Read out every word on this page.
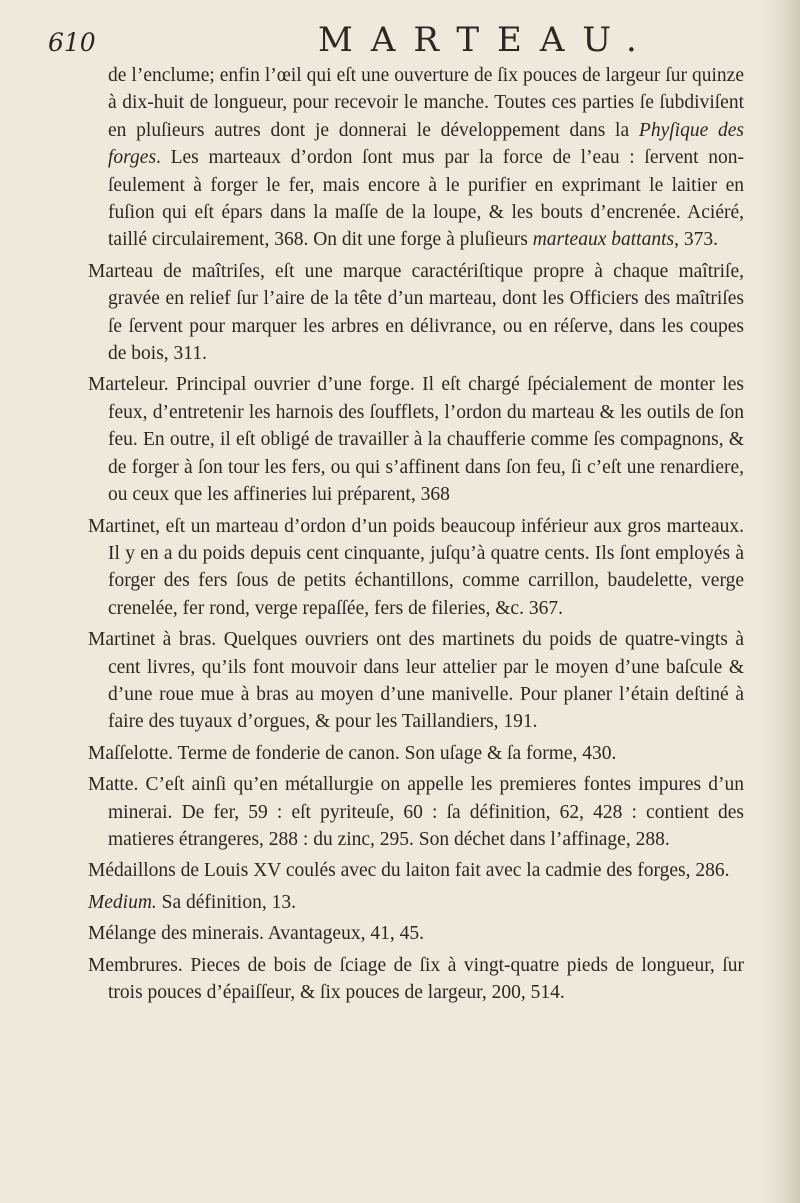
610	MARTEAU.

de l’enclume; enfin l’œil qui eſt une ouverture de ſix pouces de largeur ſur quinze à dix-huit de longueur, pour recevoir le manche. Toutes ces parties ſe ſubdiviſent en pluſieurs autres dont je donnerai le développement dans la Phyſique des forges. Les marteaux d’ordon ſont mus par la force de l’eau : ſervent non-ſeulement à forger le fer, mais encore à le purifier en exprimant le laitier en fuſion qui eſt épars dans la maſſe de la loupe, & les bouts d’encrenée. Aciéré, taillé circulairement, 368. On dit une forge à pluſieurs marteaux battants, 373.

Marteau de maîtriſes, eſt une marque caractériſtique propre à chaque maîtriſe, gravée en relief ſur l’aire de la tête d’un marteau, dont les Officiers des maîtriſes ſe ſervent pour marquer les arbres en délivrance, ou en réſerve, dans les coupes de bois, 311.

Marteleur. Principal ouvrier d’une forge. Il eſt chargé ſpécialement de monter les feux, d’entretenir les harnois des ſoufflets, l’ordon du marteau & les outils de ſon feu. En outre, il eſt obligé de travailler à la chaufferie comme ſes compagnons, & de forger à ſon tour les fers, ou qui s’affinent dans ſon feu, ſi c’eſt une renardiere, ou ceux que les affineries lui préparent, 368

Martinet, eſt un marteau d’ordon d’un poids beaucoup inférieur aux gros marteaux. Il y en a du poids depuis cent cinquante, juſqu’à quatre cents. Ils ſont employés à forger des fers ſous de petits échantillons, comme carrillon, baudelette, verge crenelée, fer rond, verge repaſſée, fers de fileries, &c. 367.

Martinet à bras. Quelques ouvriers ont des martinets du poids de quatre-vingts à cent livres, qu’ils font mouvoir dans leur attelier par le moyen d’une baſcule & d’une roue mue à bras au moyen d’une manivelle. Pour planer l’étain deſtiné à faire des tuyaux d’orgues, & pour les Taillandiers, 191.

Maſſelotte. Terme de fonderie de canon. Son uſage & ſa forme, 430.

Matte. C’eſt ainſi qu’en métallurgie on appelle les premieres fontes impures d’un minerai. De fer, 59 : eſt pyriteuſe, 60 : ſa définition, 62, 428 : contient des matieres étrangeres, 288 : du zinc, 295. Son déchet dans l’affinage, 288.

Médaillons de Louis XV coulés avec du laiton fait avec la cadmie des forges, 286.

Medium. Sa définition, 13.

Mélange des minerais. Avantageux, 41, 45.

Membrures. Pieces de bois de ſciage de ſix à vingt-quatre pieds de longueur, ſur trois pouces d’épaiſſeur, & ſix pouces de largeur, 200, 514.
